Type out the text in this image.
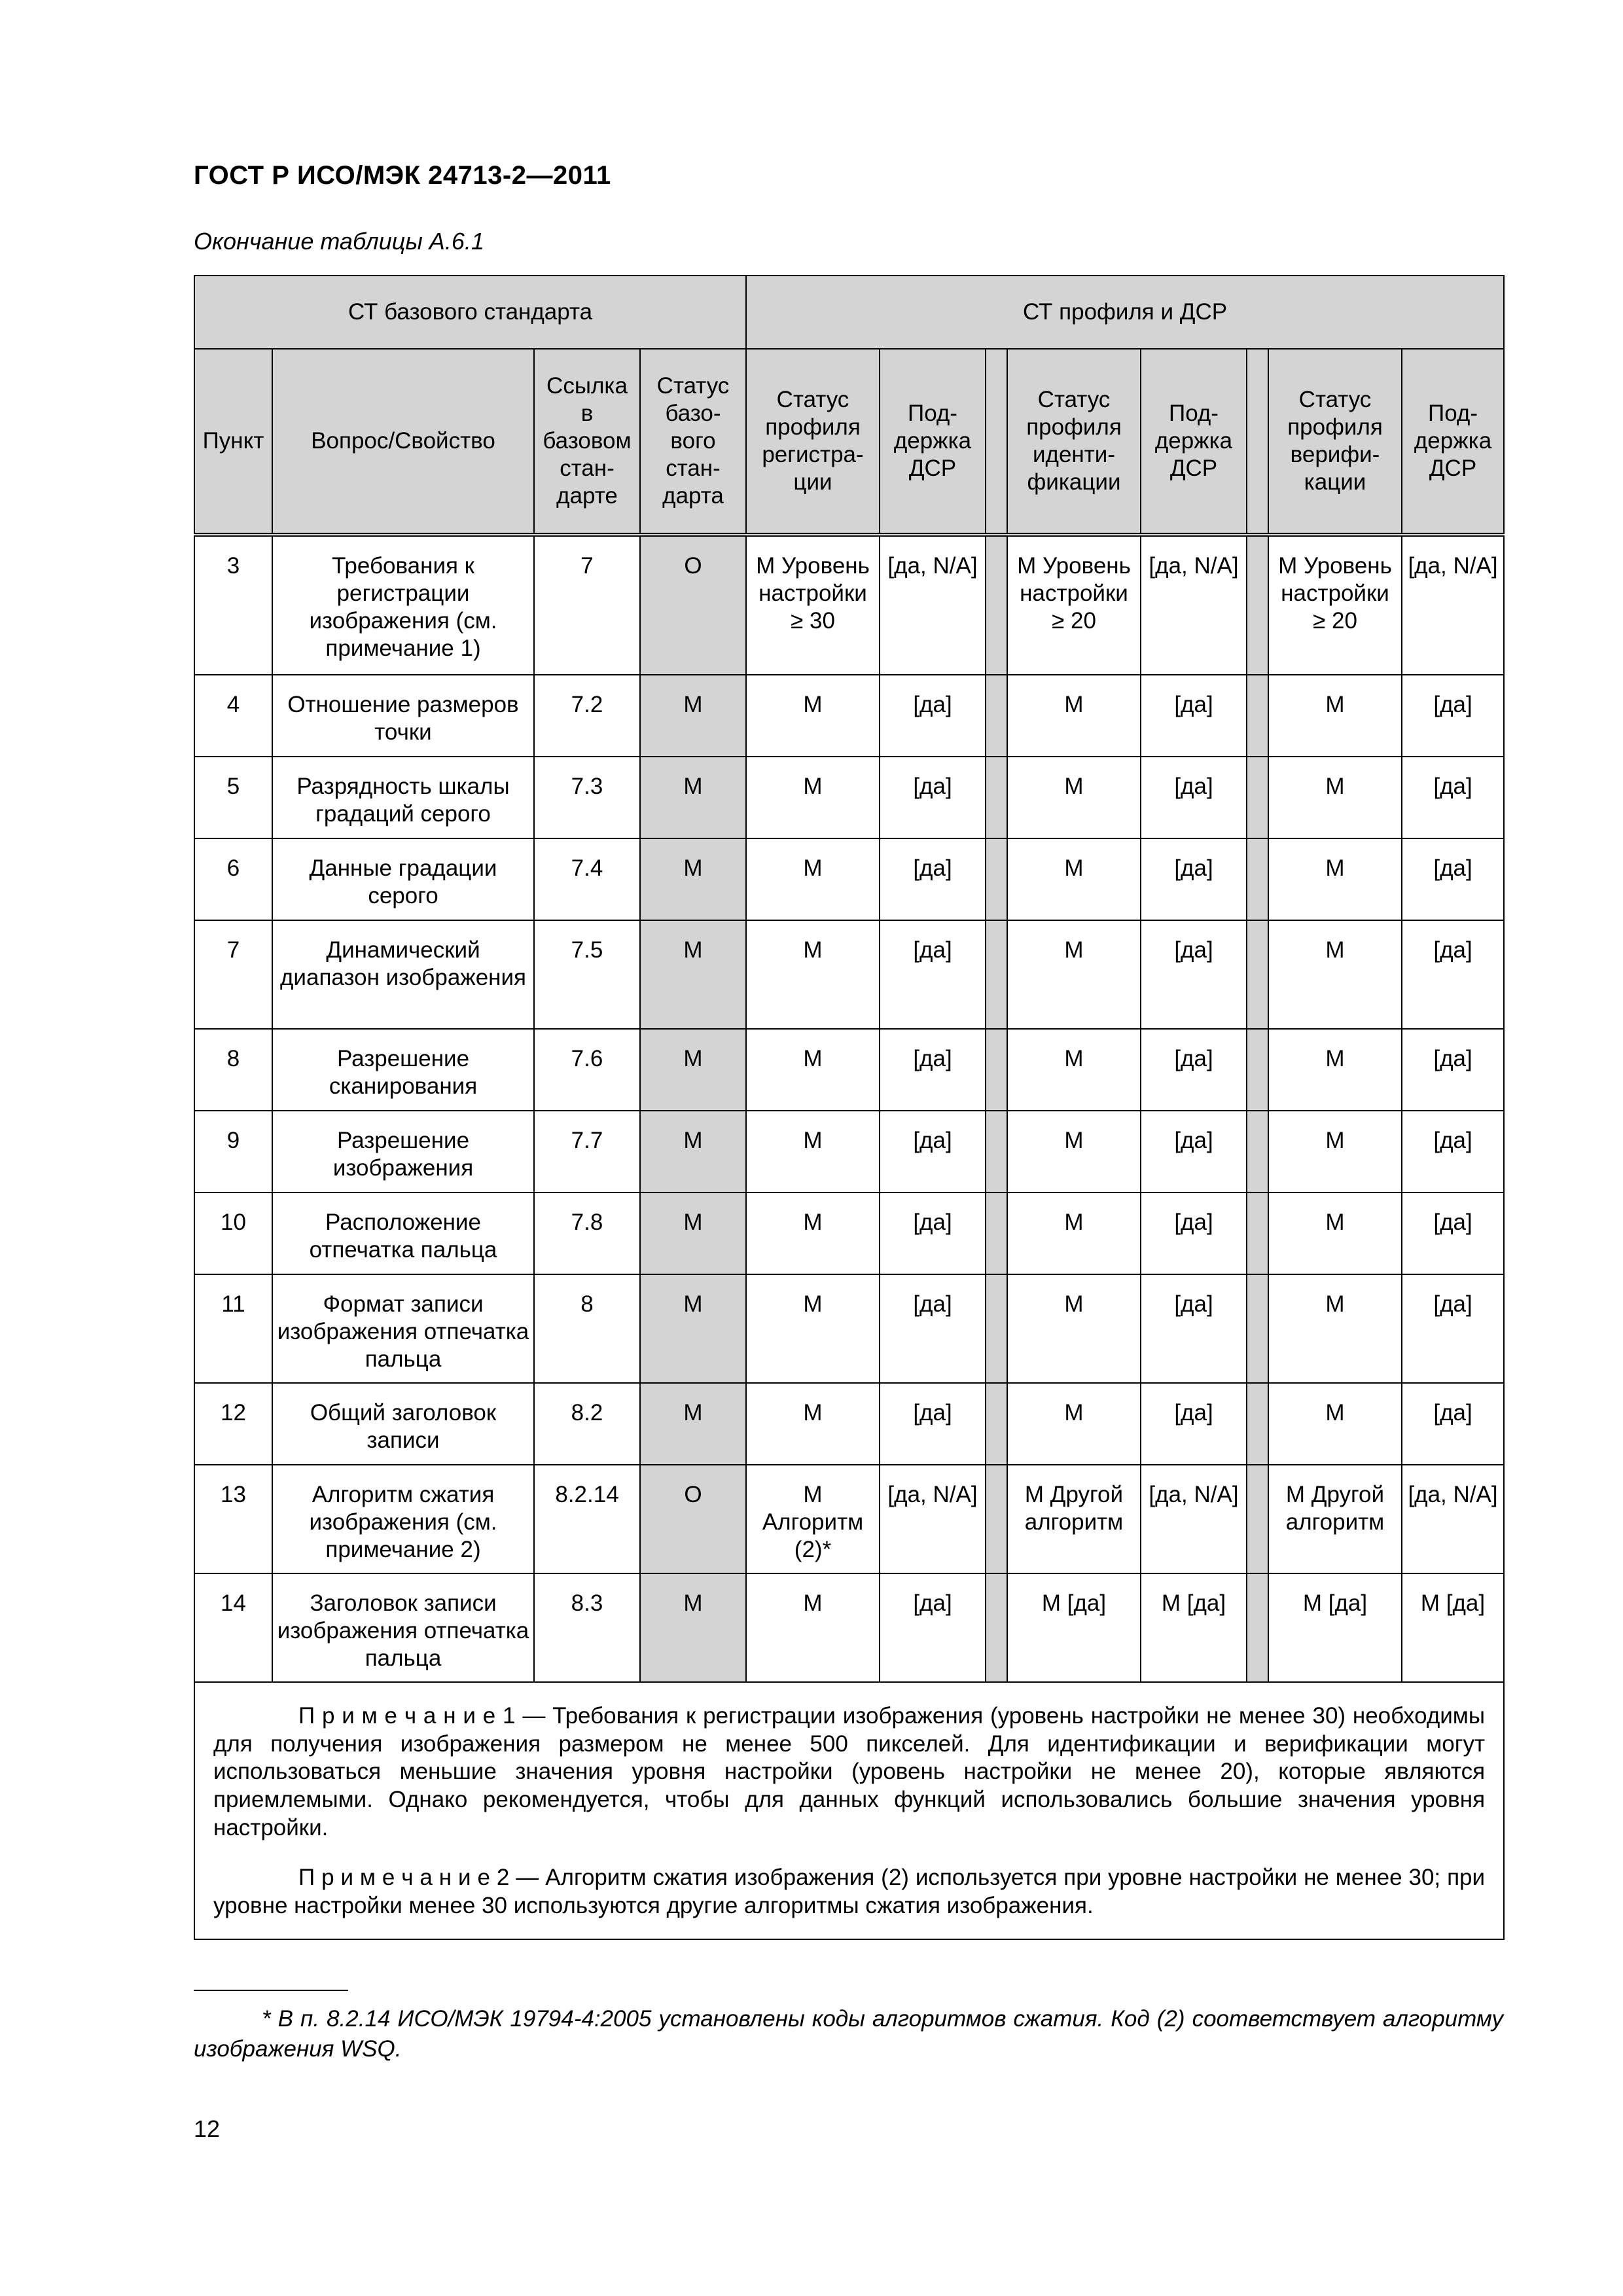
ГОСТ Р ИСО/МЭК 24713-2—2011
Окончание таблицы А.6.1
СТ базового стандарта				СТ профиля и ДСР							
Пункт	Вопрос/Свойство	Ссылка в базовом стан-дарте	Статус базо-вого стан-дарта	Статус профиля регистра-ции	Под-держка ДСР		Статус профиля иденти-фикации	Под-держка ДСР		Статус профиля верифи-кации	Под-держка ДСР
3	Требования к регистрации изображения (см. примечание 1)	7	O	M Уровень настройки ≥ 30	[да, N/A]		M Уровень настройки ≥ 20	[да, N/A]		M Уровень настройки ≥ 20	[да, N/A]
4	Отношение размеров точки	7.2	M	M	[да]		M	[да]		M	[да]
5	Разрядность шкалы градаций серого	7.3	M	M	[да]		M	[да]		M	[да]
6	Данные градации серого	7.4	M	M	[да]		M	[да]		M	[да]
7	Динамический диапазон изображения	7.5	M	M	[да]		M	[да]		M	[да]
8	Разрешение сканирования	7.6	M	M	[да]		M	[да]		M	[да]
9	Разрешение изображения	7.7	M	M	[да]		M	[да]		M	[да]
10	Расположение отпечатка пальца	7.8	M	M	[да]		M	[да]		M	[да]
11	Формат записи изображения отпечатка пальца	8	M	M	[да]		M	[да]		M	[да]
12	Общий заголовок записи	8.2	M	M	[да]		M	[да]		M	[да]
13	Алгоритм сжатия изображения (см. примечание 2)	8.2.14	O	M Алгоритм (2)*	[да, N/A]		M Другой алгоритм	[да, N/A]		M Другой алгоритм	[да, N/A]
14	Заголовок записи изображения отпечатка пальца	8.3	M	M	[да]		M [да]	M [да]		M [да]	M [да]

П р и м е ч а н и е 1 — Требования к регистрации изображения (уровень настройки не менее 30) необходимы для получения изображения размером не менее 500 пикселей. Для идентификации и верификации могут использоваться меньшие значения уровня настройки (уровень настройки не менее 20), которые являются приемлемыми. Однако рекомендуется, чтобы для данных функций использовались большие значения уровня настройки.

П р и м е ч а н и е 2 — Алгоритм сжатия изображения (2) используется при уровне настройки не менее 30; при уровне настройки менее 30 используются другие алгоритмы сжатия изображения.											

* В п. 8.2.14 ИСО/МЭК 19794-4:2005 установлены коды алгоритмов сжатия. Код (2) соответствует алгоритму изображения WSQ.
12
